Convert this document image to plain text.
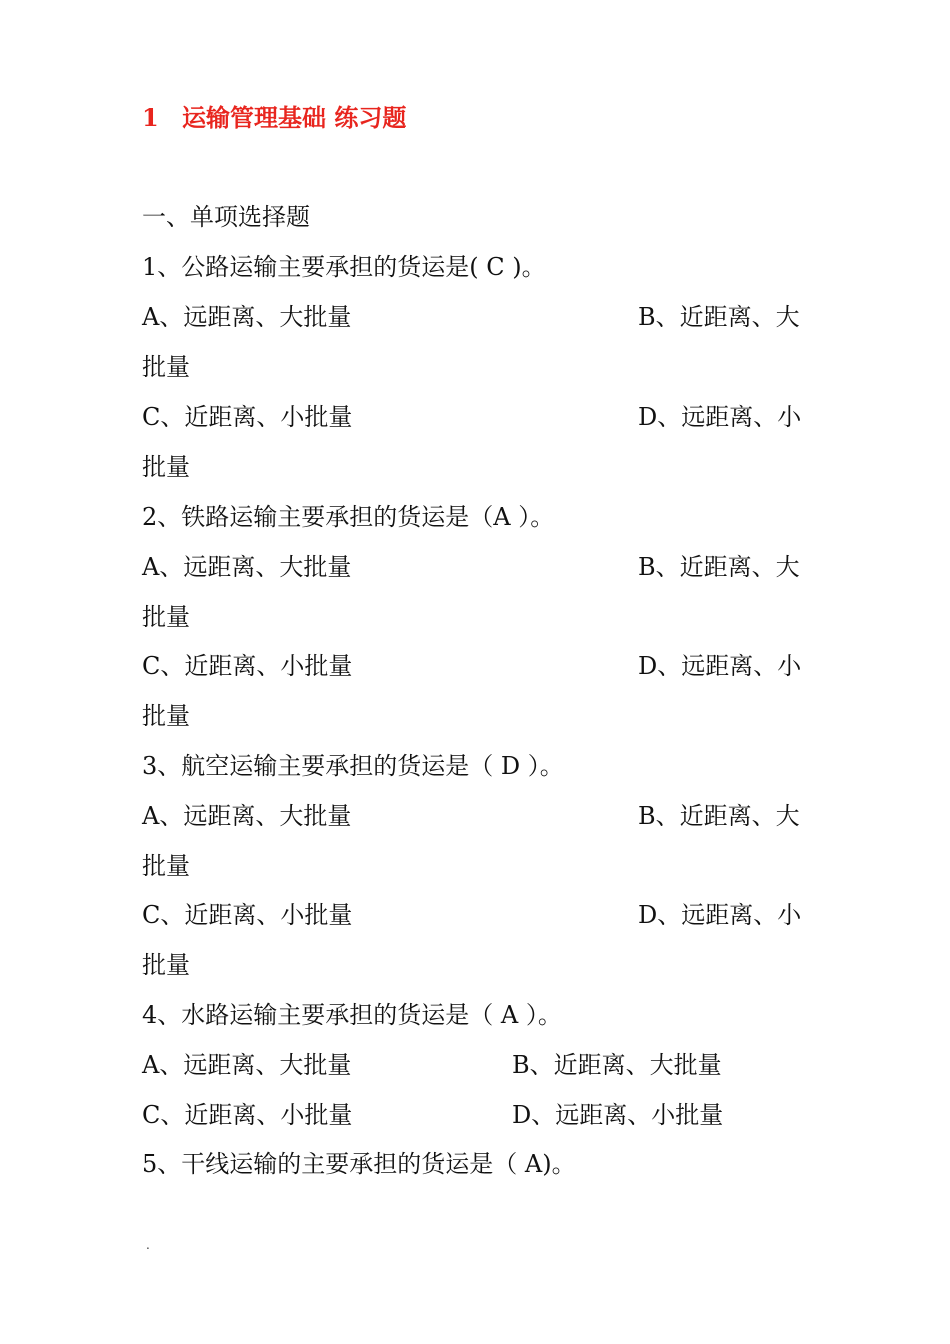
1 运输管理基础 练习题
一、单项选择题
1、公路运输主要承担的货运是( C )。
A、远距离、大批量	B、近距离、大
批量
C、近距离、小批量	D、远距离、小
批量
2、铁路运输主要承担的货运是（A ）。
A、远距离、大批量	B、近距离、大
批量
C、近距离、小批量	D、远距离、小
批量
3、航空运输主要承担的货运是（ D ）。
A、远距离、大批量	B、近距离、大
批量
C、近距离、小批量	D、远距离、小
批量
4、水路运输主要承担的货运是（ A ）。
A、远距离、大批量	B、近距离、大批量
C、近距离、小批量	D、远距离、小批量
5、干线运输的主要承担的货运是（ A)。
.
